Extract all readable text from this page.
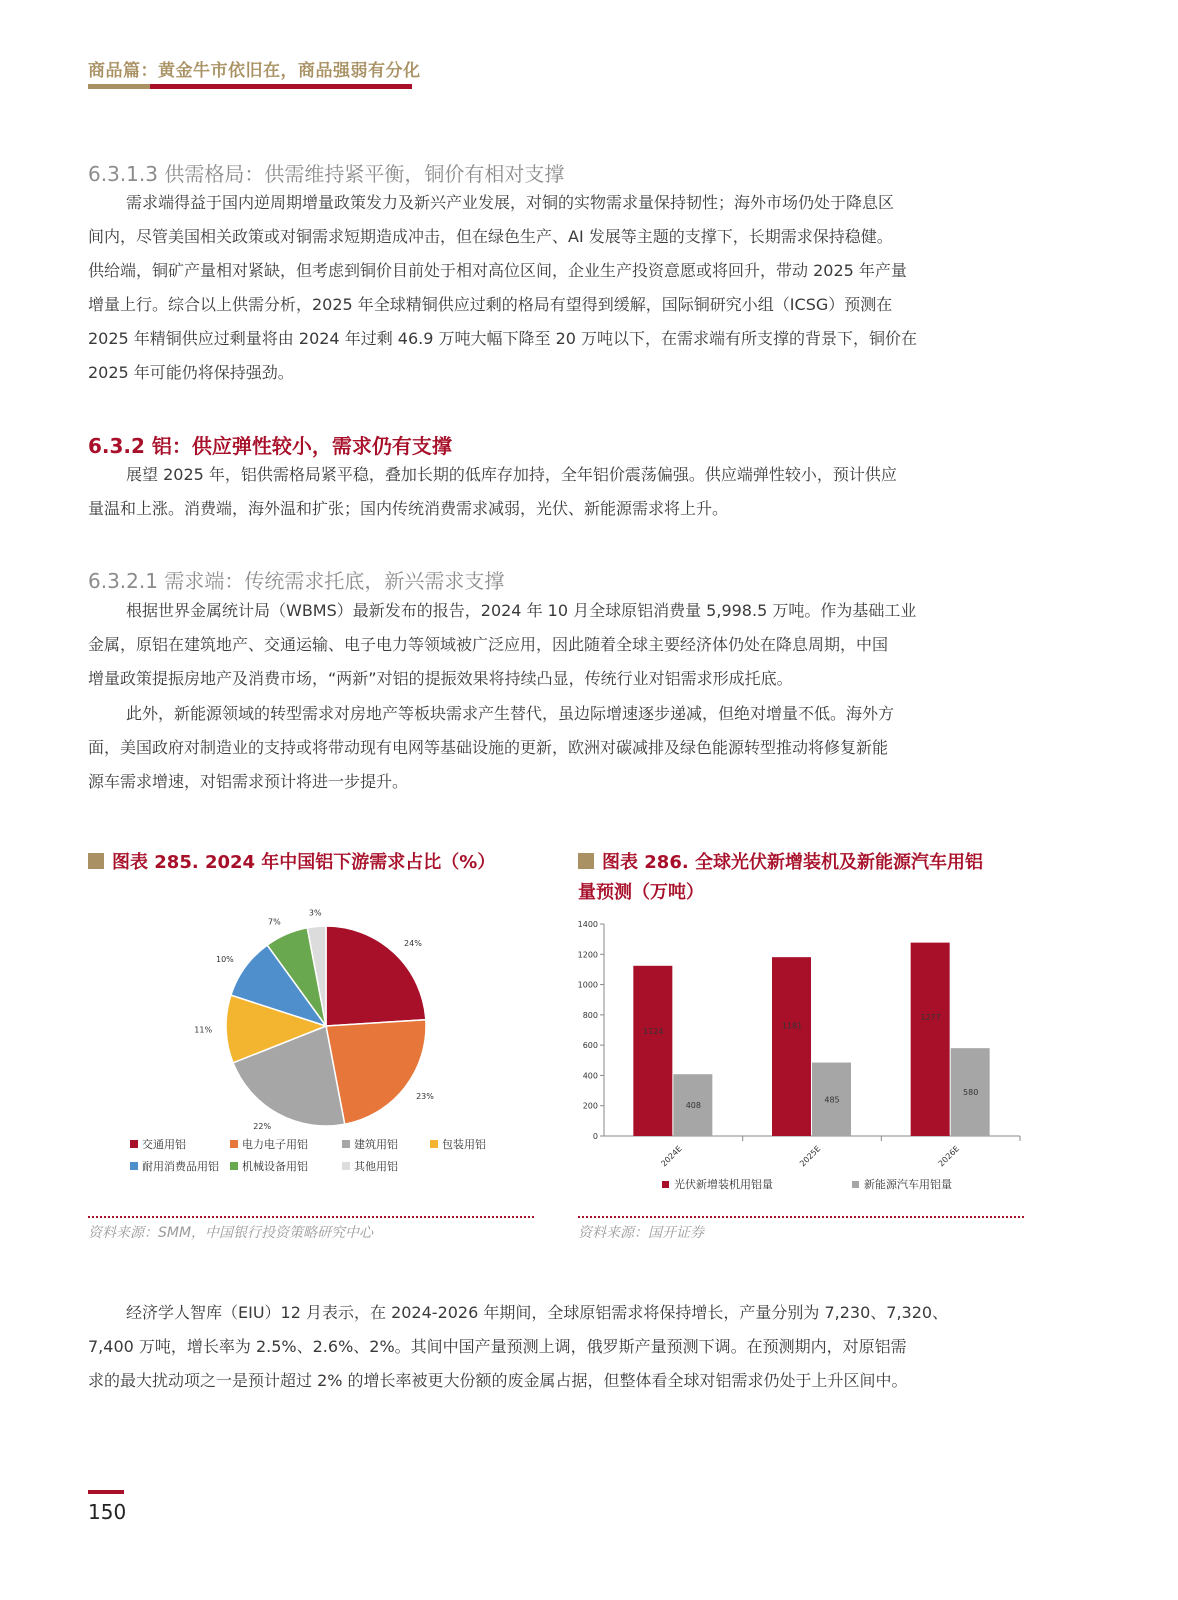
商品篇：黄金牛市依旧在，商品强弱有分化
6.3.1.3 供需格局：供需维持紧平衡，铜价有相对支撑

需求端得益于国内逆周期增量政策发力及新兴产业发展，对铜的实物需求量保持韧性；海外市场仍处于降息区
间内，尽管美国相关政策或对铜需求短期造成冲击，但在绿色生产、AI 发展等主题的支撑下，长期需求保持稳健。
供给端，铜矿产量相对紧缺，但考虑到铜价目前处于相对高位区间，企业生产投资意愿或将回升，带动 2025 年产量
增量上行。综合以上供需分析，2025 年全球精铜供应过剩的格局有望得到缓解，国际铜研究小组（ICSG）预测在
2025 年精铜供应过剩量将由 2024 年过剩 46.9 万吨大幅下降至 20 万吨以下，在需求端有所支撑的背景下，铜价在
2025 年可能仍将保持强劲。

6.3.2 铝：供应弹性较小，需求仍有支撑

展望 2025 年，铝供需格局紧平稳，叠加长期的低库存加持，全年铝价震荡偏强。供应端弹性较小，预计供应
量温和上涨。消费端，海外温和扩张；国内传统消费需求减弱，光伏、新能源需求将上升。

6.3.2.1 需求端：传统需求托底，新兴需求支撑

根据世界金属统计局（WBMS）最新发布的报告，2024 年 10 月全球原铝消费量 5,998.5 万吨。作为基础工业
金属，原铝在建筑地产、交通运输、电子电力等领域被广泛应用，因此随着全球主要经济体仍处在降息周期，中国
增量政策提振房地产及消费市场，“两新”对铝的提振效果将持续凸显，传统行业对铝需求形成托底。

此外，新能源领域的转型需求对房地产等板块需求产生替代，虽边际增速逐步递减，但绝对增量不低。海外方
面，美国政府对制造业的支持或将带动现有电网等基础设施的更新，欧洲对碳减排及绿色能源转型推动将修复新能
源车需求增速，对铝需求预计将进一步提升。

图表 285. 2024 年中国铝下游需求占比（%）
24%
23%
22%
11%
10%
7%
3%
交通用铝	电力电子用铝	建筑用铝	包装用铝
耐用消费品用铝	机械设备用铝	其他用铝
资料来源：SMM，中国银行投资策略研究中心
图表 286. 全球光伏新增装机及新能源汽车用铝
量预测（万吨）
0
200
400
600
800
1000
1200
1400
1124
408
2024E
1181
485
2025E
1277
580
2026E
光伏新增装机用铝量	新能源汽车用铝量
资料来源：国开证券

经济学人智库（EIU）12 月表示，在 2024-2026 年期间，全球原铝需求将保持增长，产量分别为 7,230、7,320、
7,400 万吨，增长率为 2.5%、2.6%、2%。其间中国产量预测上调，俄罗斯产量预测下调。在预测期内，对原铝需
求的最大扰动项之一是预计超过 2% 的增长率被更大份额的废金属占据，但整体看全球对铝需求仍处于上升区间中。

150
